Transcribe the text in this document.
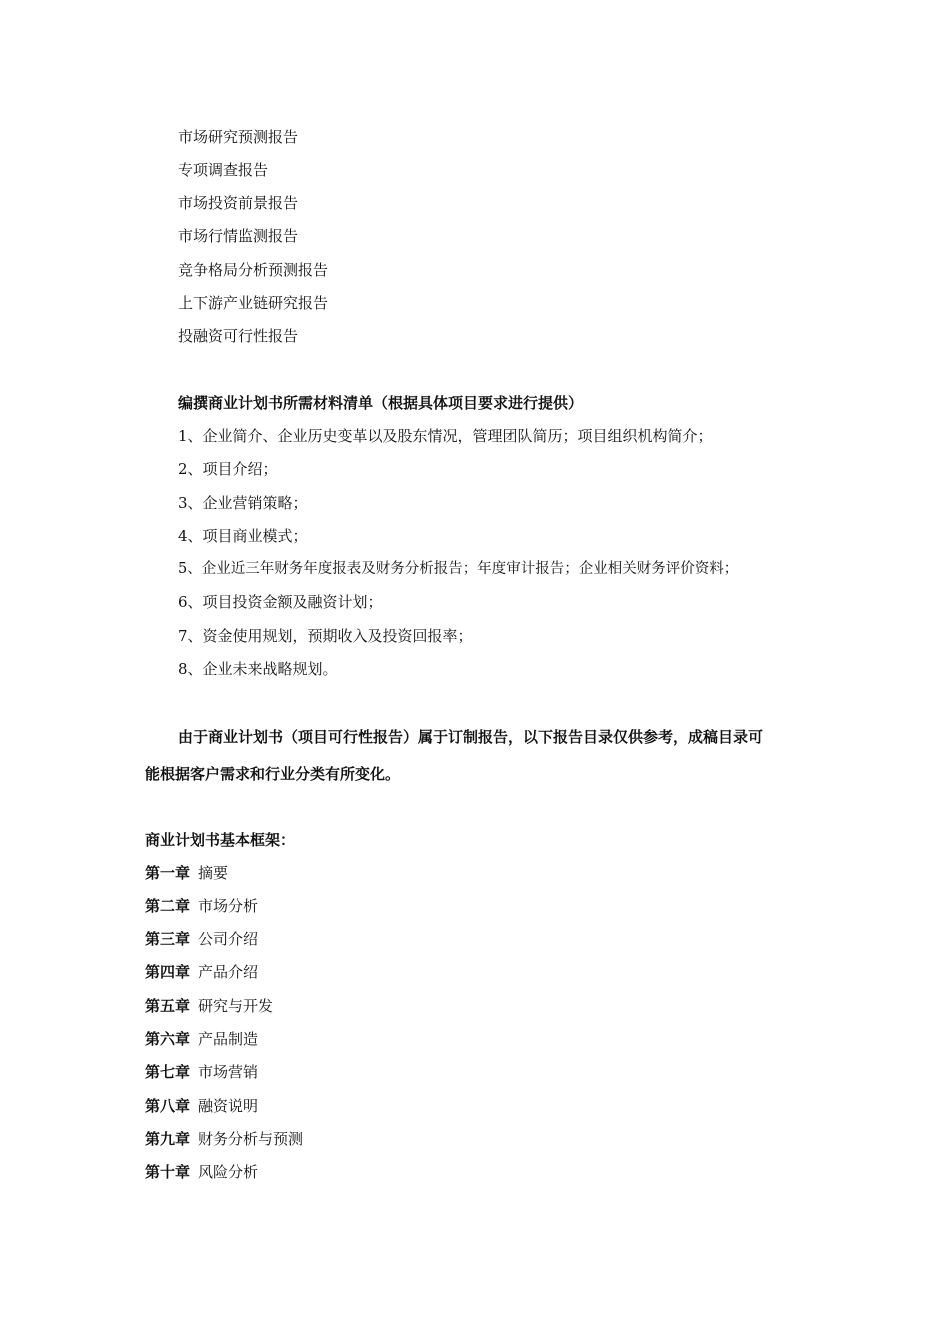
市场研究预测报告
专项调查报告
市场投资前景报告
市场行情监测报告
竞争格局分析预测报告
上下游产业链研究报告
投融资可行性报告
编撰商业计划书所需材料清单（根据具体项目要求进行提供）
1、企业简介、企业历史变革以及股东情况，管理团队简历；项目组织机构简介；
2、项目介绍；
3、企业营销策略；
4、项目商业模式；
5、企业近三年财务年度报表及财务分析报告；年度审计报告；企业相关财务评价资料；
6、项目投资金额及融资计划；
7、资金使用规划，预期收入及投资回报率；
8、企业未来战略规划。
由于商业计划书（项目可行性报告）属于订制报告，以下报告目录仅供参考，成稿目录可
能根据客户需求和行业分类有所变化。
商业计划书基本框架：
第一章 摘要
第二章 市场分析
第三章 公司介绍
第四章 产品介绍
第五章 研究与开发
第六章 产品制造
第七章 市场营销
第八章 融资说明
第九章 财务分析与预测
第十章 风险分析
